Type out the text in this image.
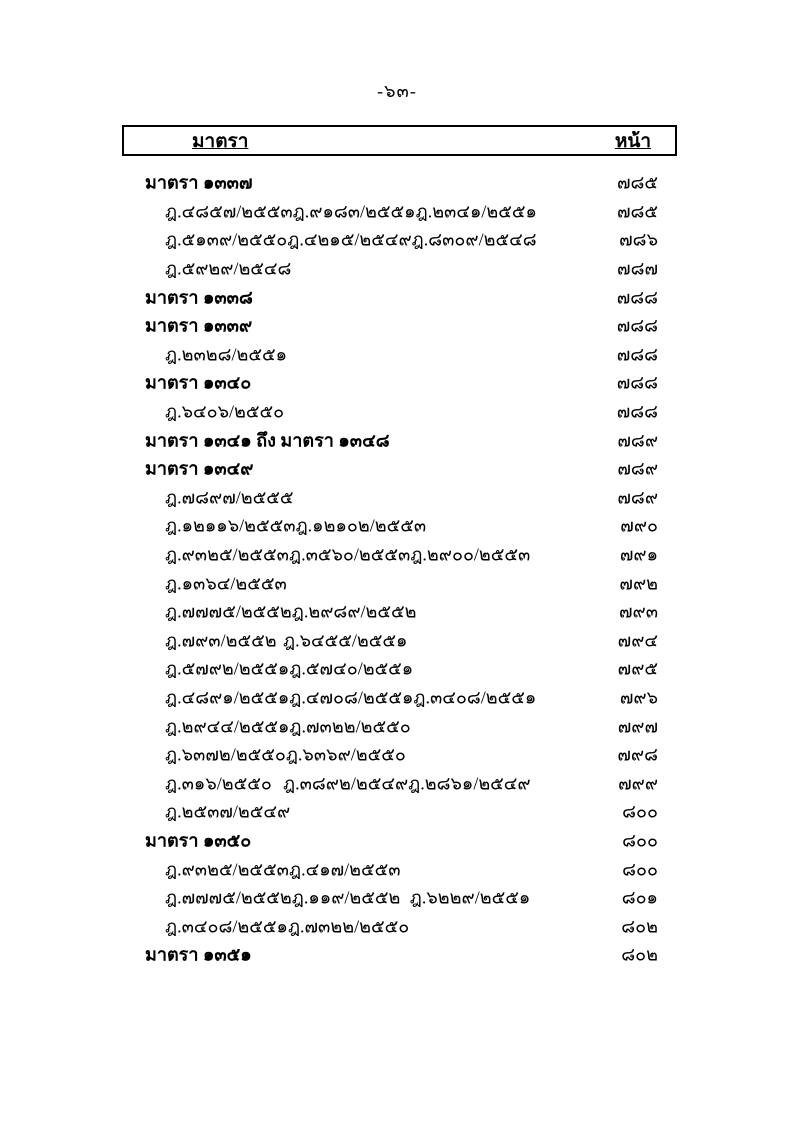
-๖๓-
มาตรา	หน้า
มาตรา ๑๓๓๗	๗๘๕
ฎ.๔๘๕๗/๒๕๕๓ฎ.๙๑๘๓/๒๕๕๑ฎ.๒๓๔๑/๒๕๕๑	๗๘๕
ฎ.๕๑๓๙/๒๕๕๐ฎ.๔๒๑๕/๒๕๔๙ฎ.๘๓๐๙/๒๕๔๘	๗๘๖
ฎ.๕๙๒๙/๒๕๔๘	๗๘๗
มาตรา ๑๓๓๘	๗๘๘
มาตรา ๑๓๓๙	๗๘๘
ฎ.๒๓๒๘/๒๕๕๑	๗๘๘
มาตรา ๑๓๔๐	๗๘๘
ฎ.๖๔๐๖/๒๕๕๐	๗๘๘
มาตรา ๑๓๔๑ ถึง มาตรา ๑๓๔๘	๗๘๙
มาตรา ๑๓๔๙	๗๘๙
ฎ.๗๘๙๗/๒๕๕๕	๗๘๙
ฎ.๑๒๑๑๖/๒๕๕๓ฎ.๑๒๑๐๒/๒๕๕๓	๗๙๐
ฎ.๙๓๒๕/๒๕๕๓ฎ.๓๕๖๐/๒๕๕๓ฎ.๒๙๐๐/๒๕๕๓	๗๙๑
ฎ.๑๓๖๔/๒๕๕๓	๗๙๒
ฎ.๗๗๗๕/๒๕๕๒ฎ.๒๙๘๙/๒๕๕๒	๗๙๓
ฎ.๗๙๓/๒๕๕๒ ฎ.๖๔๕๕/๒๕๕๑	๗๙๔
ฎ.๕๗๙๒/๒๕๕๑ฎ.๕๗๔๐/๒๕๕๑	๗๙๕
ฎ.๔๘๙๑/๒๕๕๑ฎ.๔๗๐๘/๒๕๕๑ฎ.๓๔๐๘/๒๕๕๑	๗๙๖
ฎ.๒๙๔๔/๒๕๕๑ฎ.๗๓๒๒/๒๕๕๐	๗๙๗
ฎ.๖๓๗๒/๒๕๕๐ฎ.๖๓๖๙/๒๕๕๐	๗๙๘
ฎ.๓๑๖/๒๕๕๐ ฎ.๓๘๙๒/๒๕๔๙ฎ.๒๘๖๑/๒๕๔๙	๗๙๙
ฎ.๒๕๓๗/๒๕๔๙	๘๐๐
มาตรา ๑๓๕๐	๘๐๐
ฎ.๙๓๒๕/๒๕๕๓ฎ.๔๑๗/๒๕๕๓	๘๐๐
ฎ.๗๗๗๕/๒๕๕๒ฎ.๑๑๙/๒๕๕๒ ฎ.๖๒๒๙/๒๕๕๑	๘๐๑
ฎ.๓๔๐๘/๒๕๕๑ฎ.๗๓๒๒/๒๕๕๐	๘๐๒
มาตรา ๑๓๕๑	๘๐๒
